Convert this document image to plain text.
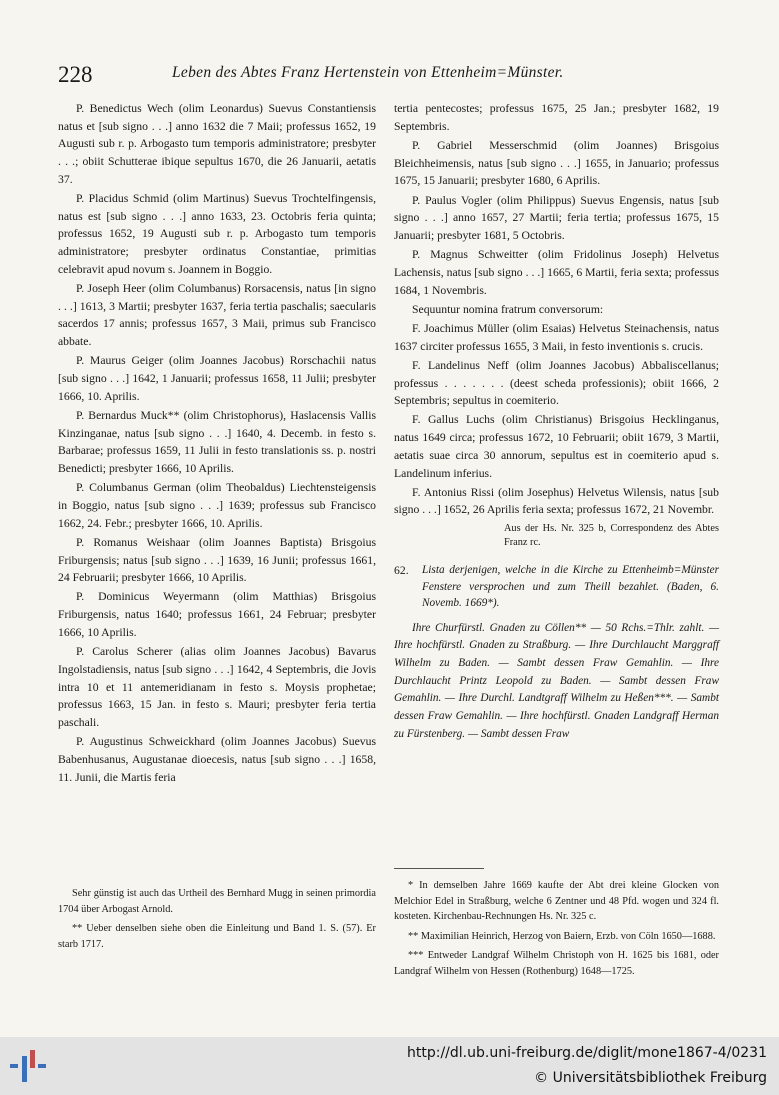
228	Leben des Abtes Franz Hertenstein von Ettenheim=Münster.

P. Benedictus Wech (olim Leonardus) Suevus Constantiensis natus et [sub signo . . .] anno 1632 die 7 Maii; professus 1652, 19 Augusti sub r. p. Arbogasto tum temporis administratore; presbyter . . .; obiit Schutterae ibique sepultus 1670, die 26 Januarii, aetatis 37.

P. Placidus Schmid (olim Martinus) Suevus Trochtelfingensis, natus est [sub signo . . .] anno 1633, 23. Octobris feria quinta; professus 1652, 19 Augusti sub r. p. Arbogasto tum temporis administratore; presbyter ordinatus Constantiae, primitias celebravit apud novum s. Joannem in Boggio.

P. Joseph Heer (olim Columbanus) Rorsacensis, natus [in signo . . .] 1613, 3 Martii; presbyter 1637, feria tertia paschalis; saecularis sacerdos 17 annis; professus 1657, 3 Maii, primus sub Francisco abbate.

P. Maurus Geiger (olim Joannes Jacobus) Rorschachii natus [sub signo . . .] 1642, 1 Januarii; professus 1658, 11 Julii; presbyter 1666, 10. Aprilis.

P. Bernardus Muck** (olim Christophorus), Haslacensis Vallis Kinzinganae, natus [sub signo . . .] 1640, 4. Decemb. in festo s. Barbarae; professus 1659, 11 Julii in festo translationis ss. p. nostri Benedicti; presbyter 1666, 10 Aprilis.

P. Columbanus German (olim Theobaldus) Liechtensteigensis in Boggio, natus [sub signo . . .] 1639; professus sub Francisco 1662, 24. Febr.; presbyter 1666, 10. Aprilis.

P. Romanus Weishaar (olim Joannes Baptista) Brisgoius Friburgensis; natus [sub signo . . .] 1639, 16 Junii; professus 1661, 24 Februarii; presbyter 1666, 10 Aprilis.

P. Dominicus Weyermann (olim Matthias) Brisgoius Friburgensis, natus 1640; professus 1661, 24 Februar; presbyter 1666, 10 Aprilis.

P. Carolus Scherer (alias olim Joannes Jacobus) Bavarus Ingolstadiensis, natus [sub signo . . .] 1642, 4 Septembris, die Jovis intra 10 et 11 antemeridianam in festo s. Moysis prophetae; professus 1663, 15 Jan. in festo s. Mauri; presbyter feria tertia paschali.

P. Augustinus Schweickhard (olim Joannes Jacobus) Suevus Babenhusanus, Augustanae dioecesis, natus [sub signo . . .] 1658, 11. Junii, die Martis feria

tertia pentecostes; professus 1675, 25 Jan.; presbyter 1682, 19 Septembris.

P. Gabriel Messerschmid (olim Joannes) Brisgoius Bleichheimensis, natus [sub signo . . .] 1655, in Januario; professus 1675, 15 Januarii; presbyter 1680, 6 Aprilis.

P. Paulus Vogler (olim Philippus) Suevus Engensis, natus [sub signo . . .] anno 1657, 27 Martii; feria tertia; professus 1675, 15 Januarii; presbyter 1681, 5 Octobris.

P. Magnus Schweitter (olim Fridolinus Joseph) Helvetus Lachensis, natus [sub signo . . .] 1665, 6 Martii, feria sexta; professus 1684, 1 Novembris.

Sequuntur nomina fratrum conversorum:

F. Joachimus Müller (olim Esaias) Helvetus Steinachensis, natus 1637 circiter professus 1655, 3 Maii, in festo inventionis s. crucis.

F. Landelinus Neff (olim Joannes Jacobus) Abbaliscellanus; professus . . . . . . . (deest scheda professionis); obiit 1666, 2 Septembris; sepultus in coemiterio.

F. Gallus Luchs (olim Christianus) Brisgoius Hecklinganus, natus 1649 circa; professus 1672, 10 Februarii; obiit 1679, 3 Martii, aetatis suae circa 30 annorum, sepultus est in coemiterio apud s. Landelinum inferius.

F. Antonius Rissi (olim Josephus) Helvetus Wilensis, natus [sub signo . . .] 1652, 26 Aprilis feria sexta; professus 1672, 21 Novembr.

Aus der Hs. Nr. 325 b, Correspondenz des Abtes Franz rc.

62.	Lista derjenigen, welche in die Kirche zu Ettenheimb=Münster Fenstere versprochen und zum Theill bezahlet. (Baden, 6. Novemb. 1669*).

Ihre Churfürstl. Gnaden zu Cöllen** — 50 Rchs.=Thlr. zahlt. — Ihre hochfürstl. Gnaden zu Straßburg. — Ihre Durchlaucht Marggraff Wilhelm zu Baden. — Sambt dessen Fraw Gemahlin. — Ihre Durchlaucht Printz Leopold zu Baden. — Sambt dessen Fraw Gemahlin. — Ihre Durchl. Landtgraff Wilhelm zu Heßen***. — Sambt dessen Fraw Gemahlin. — Ihre hochfürstl. Gnaden Landgraff Herman zu Fürstenberg. — Sambt dessen Fraw

Sehr günstig ist auch das Urtheil des Bernhard Mugg in seinen primordia 1704 über Arbogast Arnold.

** Ueber denselben siehe oben die Einleitung und Band 1. S. (57). Er starb 1717.

* In demselben Jahre 1669 kaufte der Abt drei kleine Glocken von Melchior Edel in Straßburg, welche 6 Zentner und 48 Pfd. wogen und 324 fl. kosteten. Kirchenbau-Rechnungen Hs. Nr. 325 c.

** Maximilian Heinrich, Herzog von Baiern, Erzb. von Cöln 1650—1688.

*** Entweder Landgraf Wilhelm Christoph von H. 1625 bis 1681, oder Landgraf Wilhelm von Hessen (Rothenburg) 1648—1725.

http://dl.ub.uni-freiburg.de/diglit/mone1867-4/0231
© Universitätsbibliothek Freiburg
